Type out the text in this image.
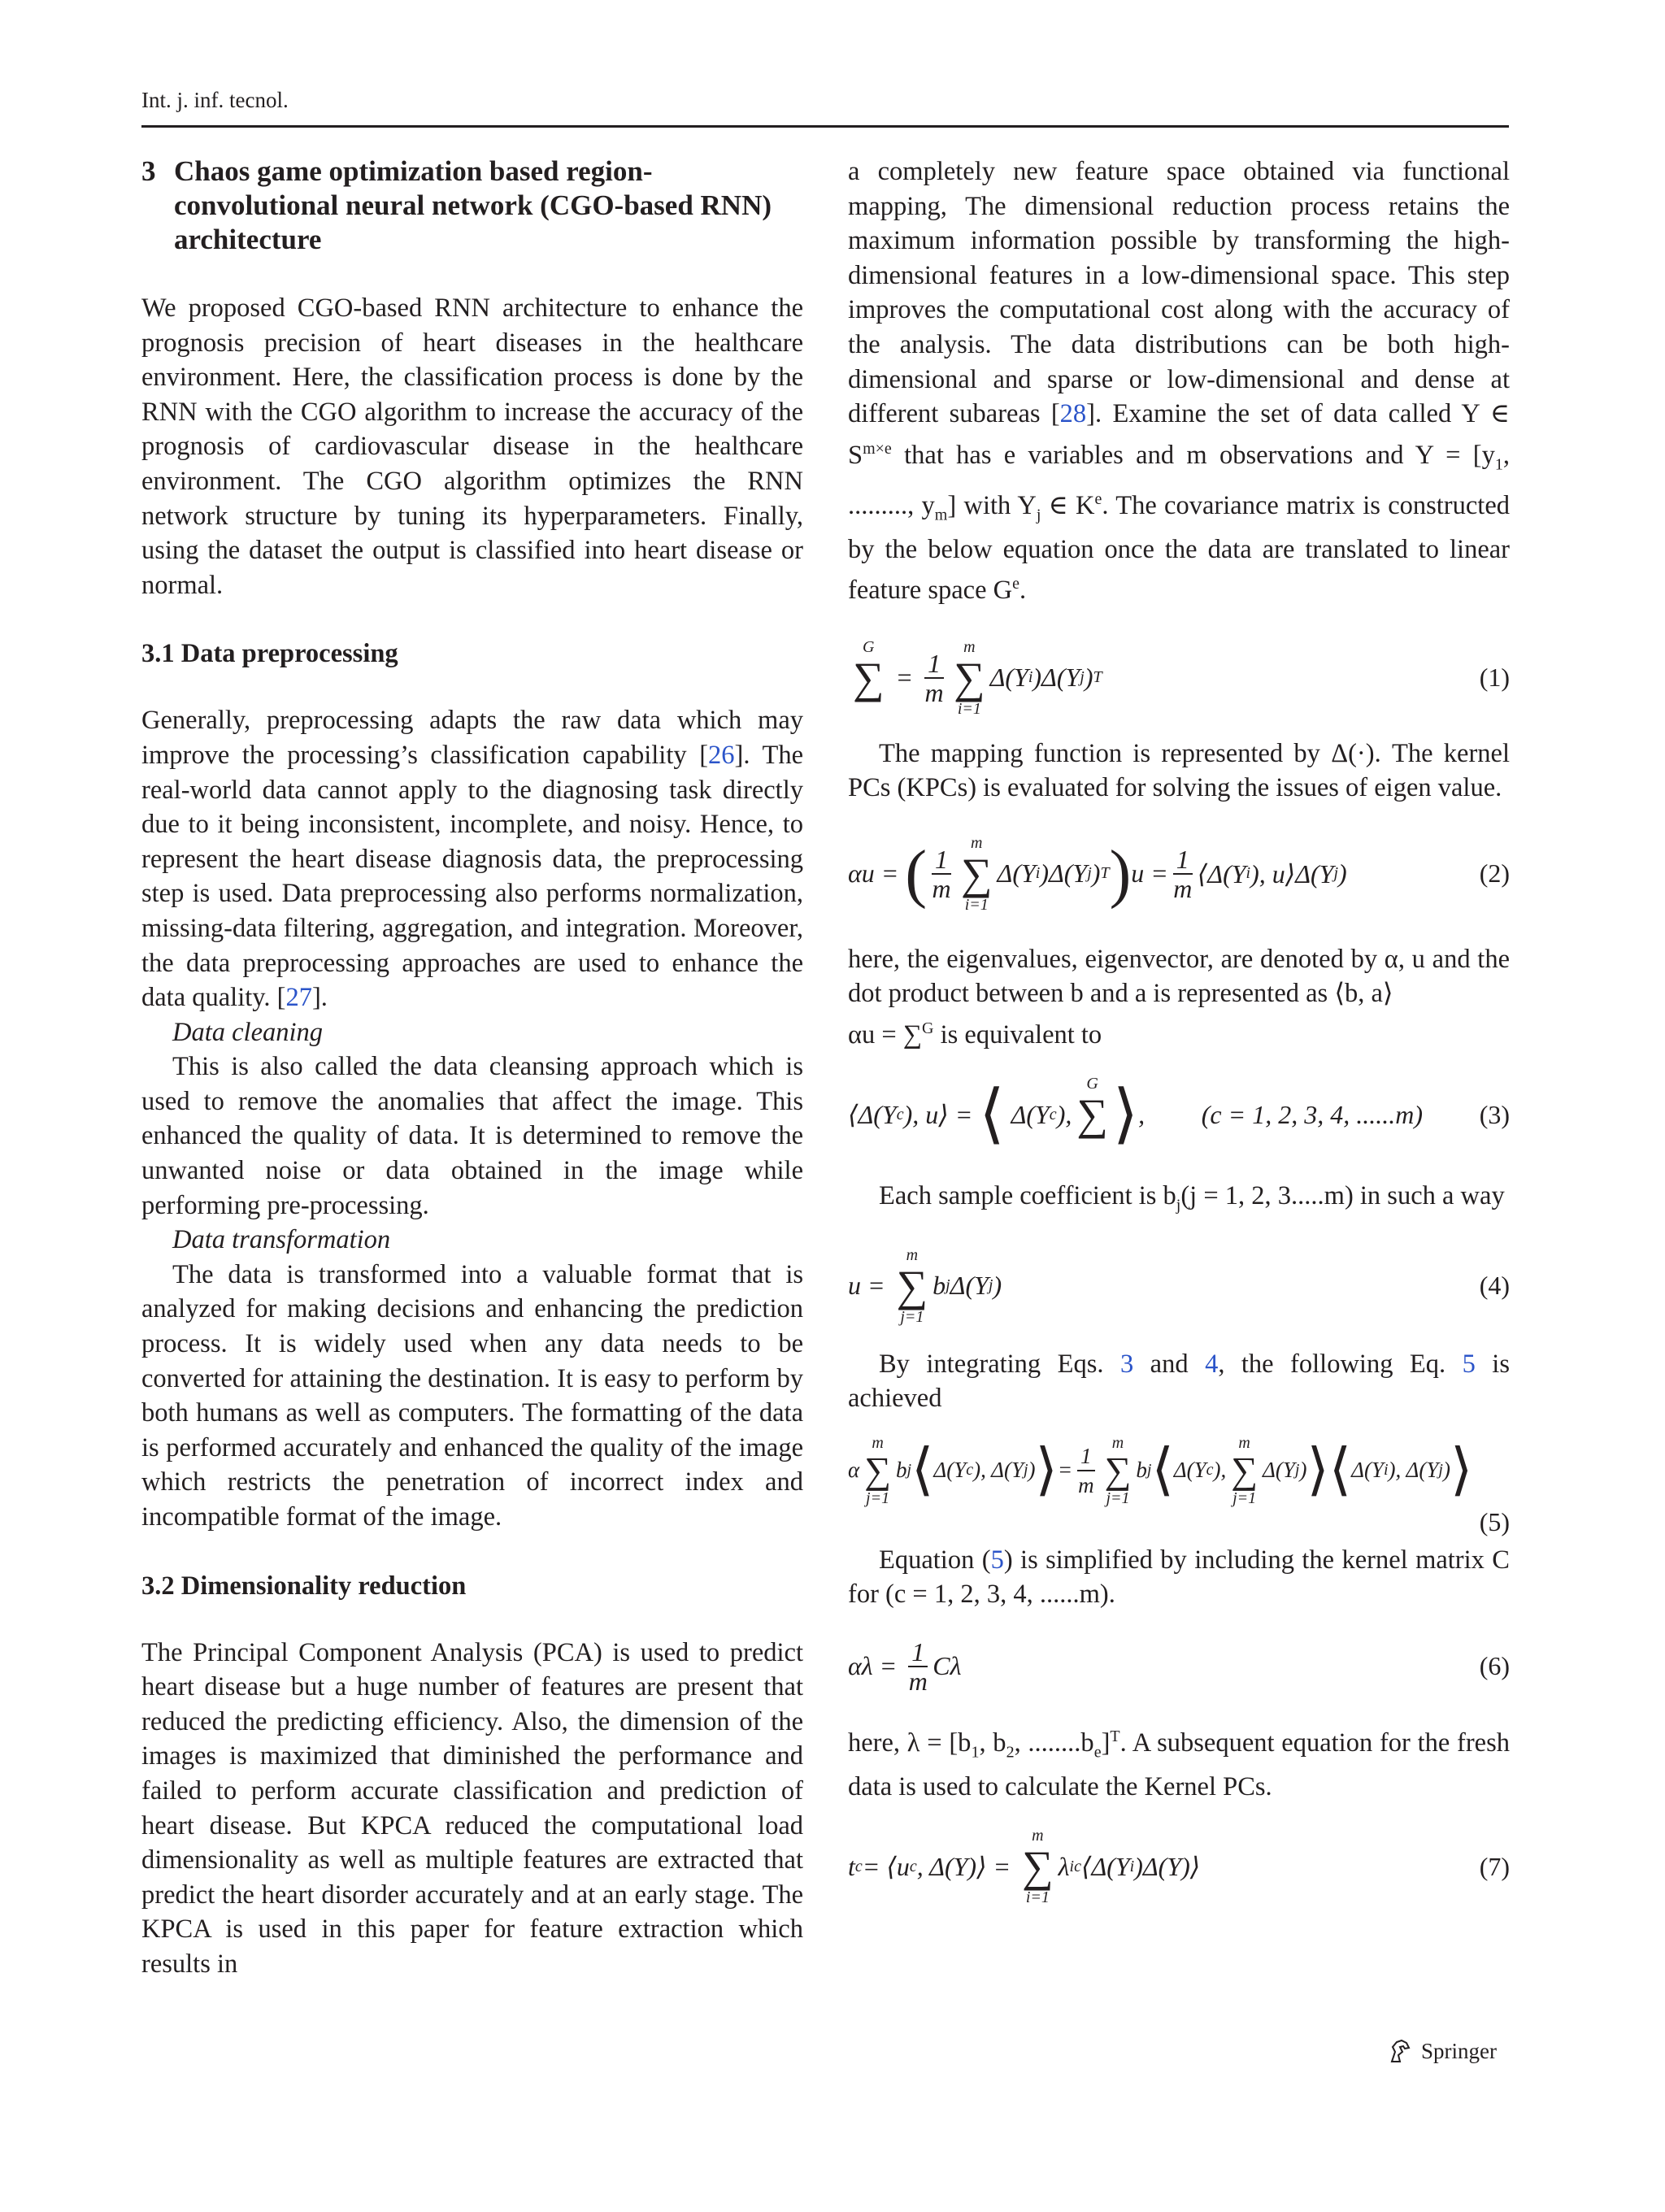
Int. j. inf. tecnol.
3 Chaos game optimization based region-convolutional neural network (CGO-based RNN) architecture

We proposed CGO-based RNN architecture to enhance the prognosis precision of heart diseases in the healthcare environment. Here, the classification process is done by the RNN with the CGO algorithm to increase the accuracy of the prognosis of cardiovascular disease in the healthcare environment. The CGO algorithm optimizes the RNN network structure by tuning its hyperparameters. Finally, using the dataset the output is classified into heart disease or normal.

3.1 Data preprocessing

Generally, preprocessing adapts the raw data which may improve the processing’s classification capability [26]. The real-world data cannot apply to the diagnosing task directly due to it being inconsistent, incomplete, and noisy. Hence, to represent the heart disease diagnosis data, the preprocessing step is used. Data preprocessing also performs normalization, missing-data filtering, aggregation, and integration. Moreover, the data preprocessing approaches are used to enhance the data quality. [27].

Data cleaning

This is also called the data cleansing approach which is used to remove the anomalies that affect the image. This enhanced the quality of data. It is determined to remove the unwanted noise or data obtained in the image while performing pre-processing.

Data transformation

The data is transformed into a valuable format that is analyzed for making decisions and enhancing the prediction process. It is widely used when any data needs to be converted for attaining the destination. It is easy to perform by both humans as well as computers. The formatting of the data is performed accurately and enhanced the quality of the image which restricts the penetration of incorrect index and incompatible format of the image.

3.2 Dimensionality reduction

The Principal Component Analysis (PCA) is used to predict heart disease but a huge number of features are present that reduced the predicting efficiency. Also, the dimension of the images is maximized that diminished the performance and failed to perform accurate classification and prediction of heart disease. But KPCA reduced the computational load dimensionality as well as multiple features are extracted that predict the heart disorder accurately and at an early stage. The KPCA is used in this paper for feature extraction which results in

a completely new feature space obtained via functional mapping, The dimensional reduction process retains the maximum information possible by transforming the high-dimensional features in a low-dimensional space. This step improves the computational cost along with the accuracy of the analysis. The data distributions can be both high-dimensional and sparse or low-dimensional and dense at different subareas [28]. Examine the set of data called Y ∈ $S^{m\times e}$ that has e variables and m observations and $Y = [y_1$, ........., $y_m$] with $Y_j$ ∈ $K^e$. The covariance matrix is constructed by the below equation once the data are translated to linear feature space $G^e$.

G
∑
= $\frac{1}{m}$
m
∑
i=1
Δ(Y i )Δ(Y j ) T	(1)

The mapping function is represented by Δ(·). The kernel PCs (KPCs) is evaluated for solving the issues of eigen value.

αu = ( $\frac{1}{m}$
m
∑
i=1
Δ(Y i )Δ(Y j ) T ) $u = \frac{1}{m}$ ⟨Δ(Y i ), u⟩Δ(Y j )	(2)

here, the eigenvalues, eigenvector, are denoted by α, u and the dot product between b and a is represented as ⟨b, a⟩
αu = ∑$^G$ is equivalent to

⟨Δ(Y c ), u⟩ = ⟨ Δ(Y c ),
G
∑
⟩ , (c = 1, 2, 3, 4, ......m) (3)

Each sample coefficient is $b_j(j = 1$, 2, 3.....m) in such a way

u =
m
∑
j=1
b j Δ(Y j )	(4)

By integrating Eqs. 3 and 4, the following Eq. 5 is achieved

α
m
∑
j=1
b j ⟨ Δ(Y c ), Δ(Y j ) ⟩ = $\frac{1}{m}$ m
∑
j=1
b j ⟨ Δ(Y c ),
m
∑
j=1
Δ(Y j ) ⟩ ⟨ Δ(Y i ), Δ(Y j ) ⟩
(5)

Equation (5) is simplified by including the kernel matrix C for (c = 1, 2, 3, 4, ......m).

$\alpha\lambda = \frac{1}{m}$ Cλ	(6)

here, $\lambda = [b_1$, $b_2$, $........b_e]^T$. A subsequent equation for the fresh data is used to calculate the Kernel PCs.

t c = ⟨u c , Δ(Y)⟩ =
m
∑
i=1
λ i c ⟨Δ(Y i )Δ(Y)⟩	(7)
Springer
